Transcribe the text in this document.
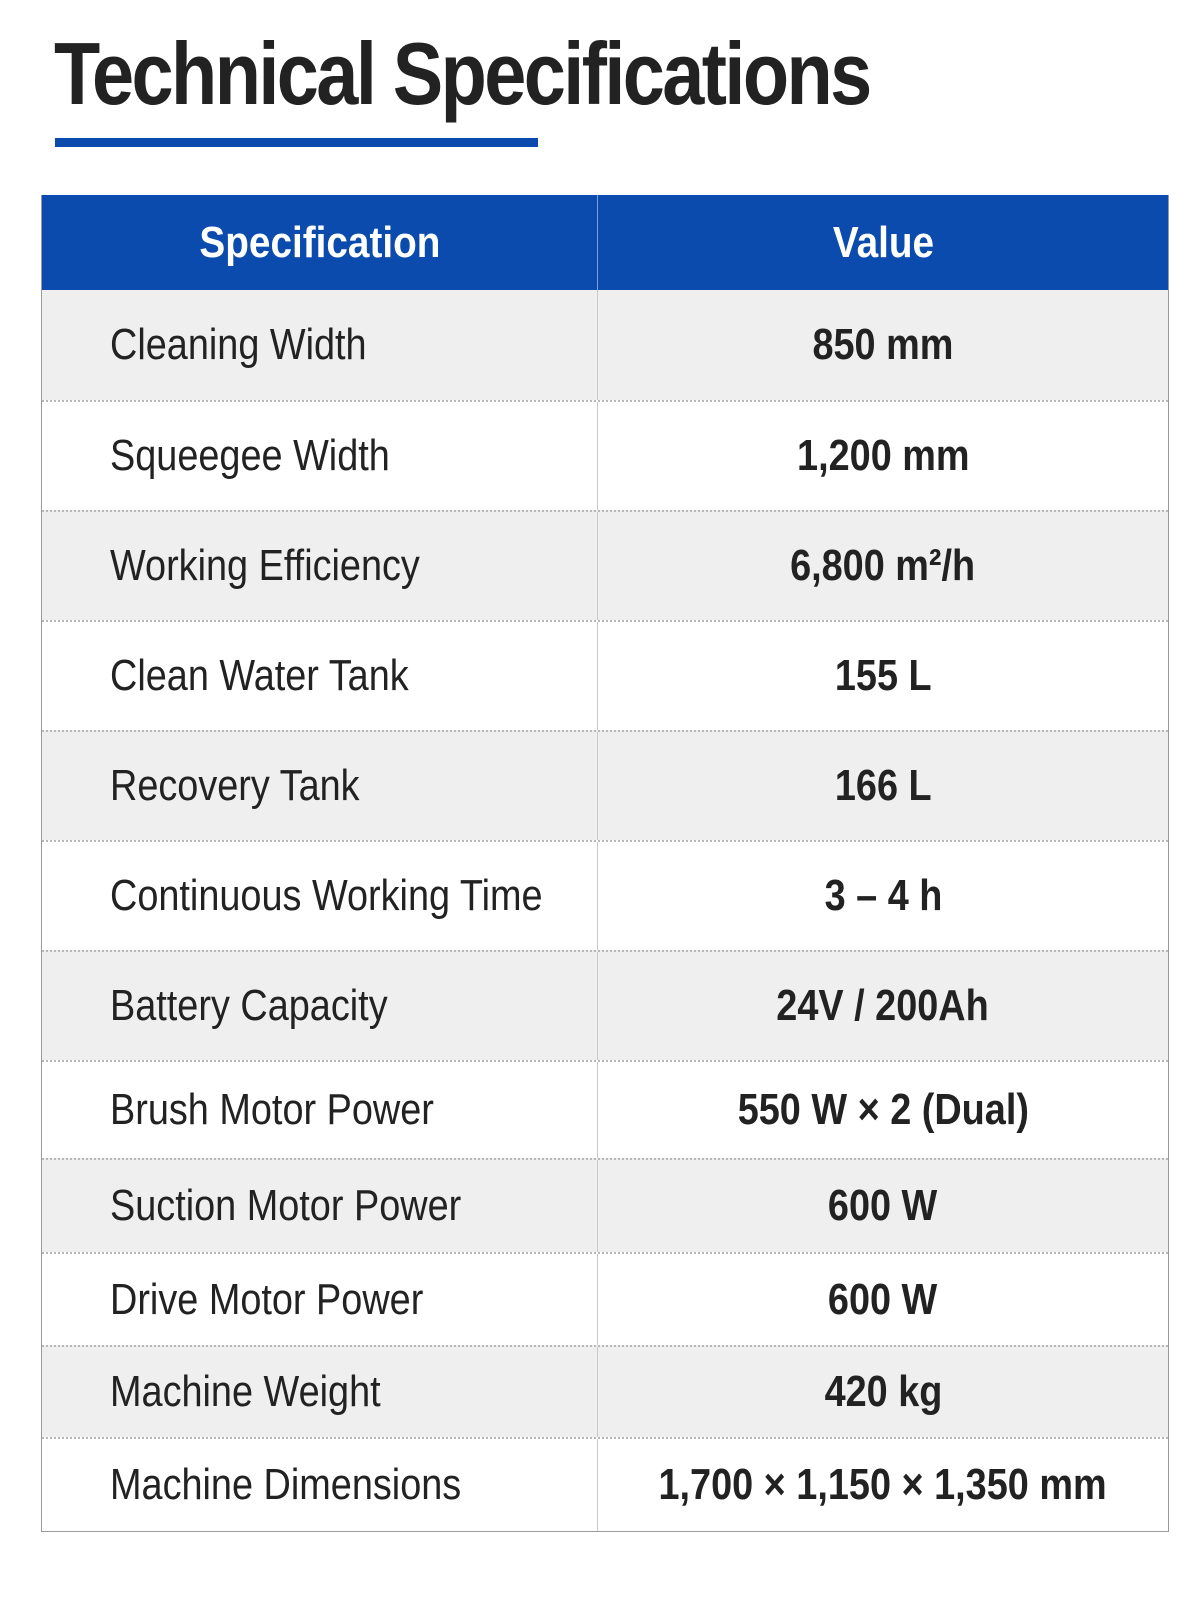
Technical Specifications
Specification	Value
Cleaning Width	850 mm
Squeegee Width	1,200 mm
Working Efficiency	6,800 m²/h
Clean Water Tank	155 L
Recovery Tank	166 L
Continuous Working Time	3 – 4 h
Battery Capacity	24V / 200Ah
Brush Motor Power	550 W × 2 (Dual)
Suction Motor Power	600 W
Drive Motor Power	600 W
Machine Weight	420 kg
Machine Dimensions	1,700 × 1,150 × 1,350 mm
